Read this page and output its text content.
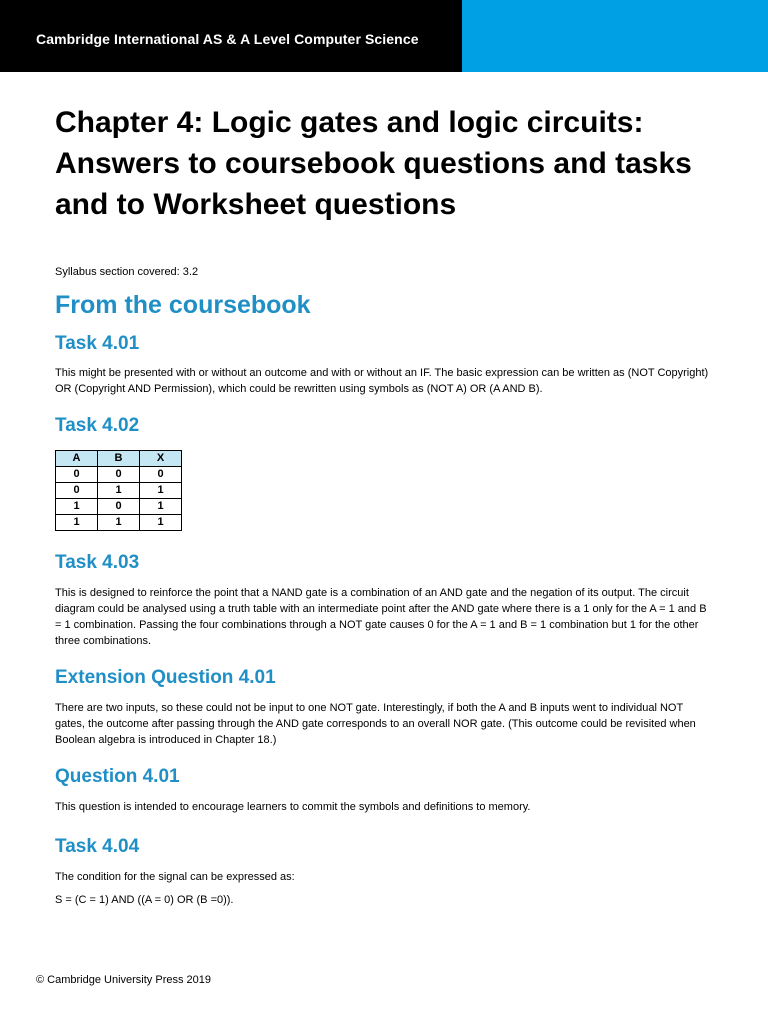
Cambridge International AS & A Level Computer Science
Chapter 4: Logic gates and logic circuits: Answers to coursebook questions and tasks and to Worksheet questions

Syllabus section covered: 3.2

From the coursebook
Task 4.01

This might be presented with or without an outcome and with or without an IF. The basic expression can be written as (NOT Copyright) OR (Copyright AND Permission), which could be rewritten using symbols as (NOT A) OR (A AND B).

Task 4.02
A	B	X
0	0	0
0	1	1
1	0	1
1	1	1
Task 4.03

This is designed to reinforce the point that a NAND gate is a combination of an AND gate and the negation of its output. The circuit diagram could be analysed using a truth table with an intermediate point after the AND gate where there is a 1 only for the A = 1 and B = 1 combination. Passing the four combinations through a NOT gate causes 0 for the A = 1 and B = 1 combination but 1 for the other three combinations.

Extension Question 4.01

There are two inputs, so these could not be input to one NOT gate. Interestingly, if both the A and B inputs went to individual NOT gates, the outcome after passing through the AND gate corresponds to an overall NOR gate. (This outcome could be revisited when Boolean algebra is introduced in Chapter 18.)

Question 4.01

This question is intended to encourage learners to commit the symbols and definitions to memory.

Task 4.04

The condition for the signal can be expressed as:

S = (C = 1) AND ((A = 0) OR (B =0)).

© Cambridge University Press 2019
